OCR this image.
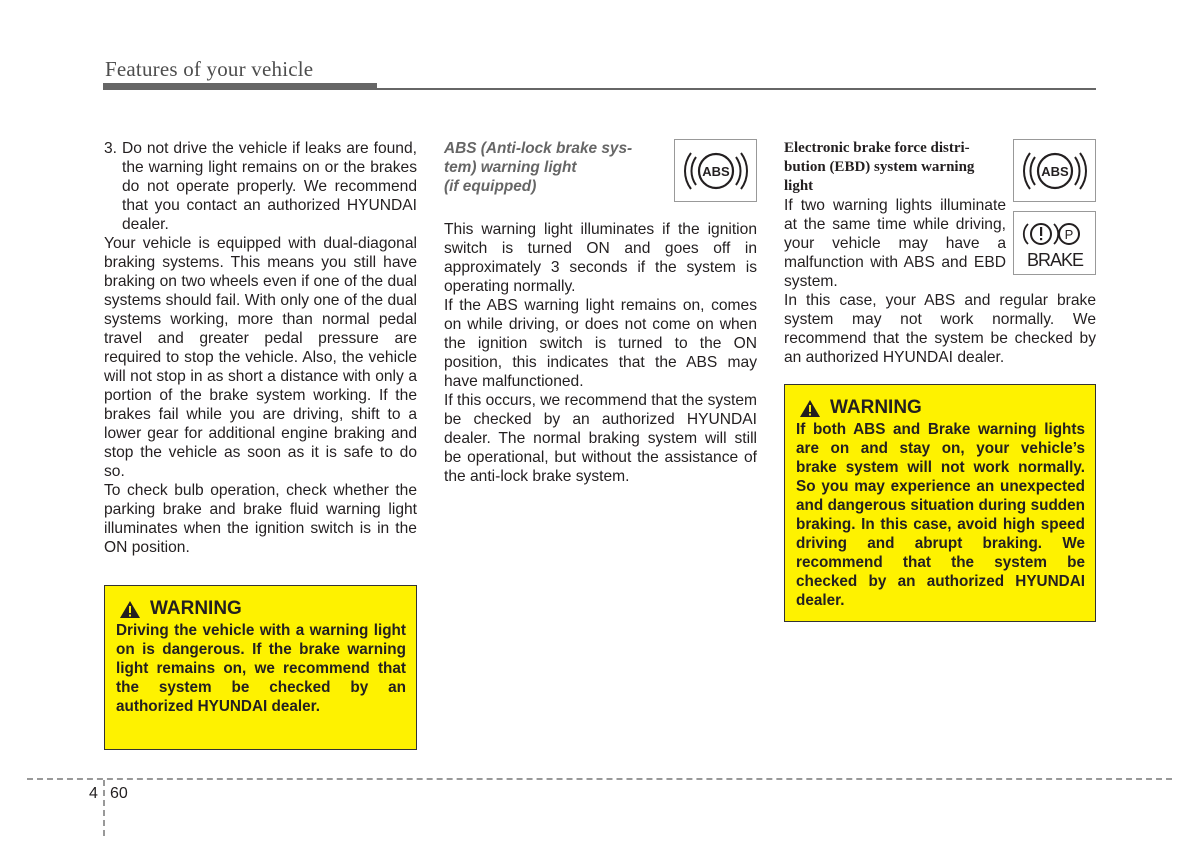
Features of your vehicle
3. Do not drive the vehicle if leaks are found, the warning light remains on or the brakes do not operate properly. We recommend that you contact an authorized HYUNDAI dealer.

Your vehicle is equipped with dual-diagonal braking systems. This means you still have braking on two wheels even if one of the dual systems should fail. With only one of the dual systems working, more than normal pedal travel and greater pedal pressure are required to stop the vehicle. Also, the vehicle will not stop in as short a distance with only a portion of the brake system working. If the brakes fail while you are driving, shift to a lower gear for additional engine braking and stop the vehicle as soon as it is safe to do so.

To check bulb operation, check whether the parking brake and brake fluid warning light illuminates when the ignition switch is in the ON position.

WARNING
Driving the vehicle with a warning light on is dangerous. If the brake warning light remains on, we recommend that the system be checked by an authorized HYUNDAI dealer.
ABS (Anti-lock brake sys-
tem) warning light
(if equipped)

This warning light illuminates if the ignition switch is turned ON and goes off in approximately 3 seconds if the system is operating normally.

If the ABS warning light remains on, comes on while driving, or does not come on when the ignition switch is turned to the ON position, this indicates that the ABS may have malfunctioned.

If this occurs, we recommend that the system be checked by an authorized HYUNDAI dealer. The normal braking system will still be operational, but without the assistance of the anti-lock brake system.

ABS
Electronic brake force distri-
bution (EBD) system warning
light

If two warning lights illuminate at the same time while driving, your vehicle may have a malfunction with ABS and EBD system.

In this case, your ABS and regular brake system may not work normally. We recommend that the system be checked by an authorized HYUNDAI dealer.

ABS
P
BRAKE
WARNING
If both ABS and Brake warning lights are on and stay on, your vehicle’s brake system will not work normally. So you may experience an unexpected and dangerous situation during sudden braking. In this case, avoid high speed driving and abrupt braking. We recommend that the system be checked by an authorized HYUNDAI dealer.
4 60
